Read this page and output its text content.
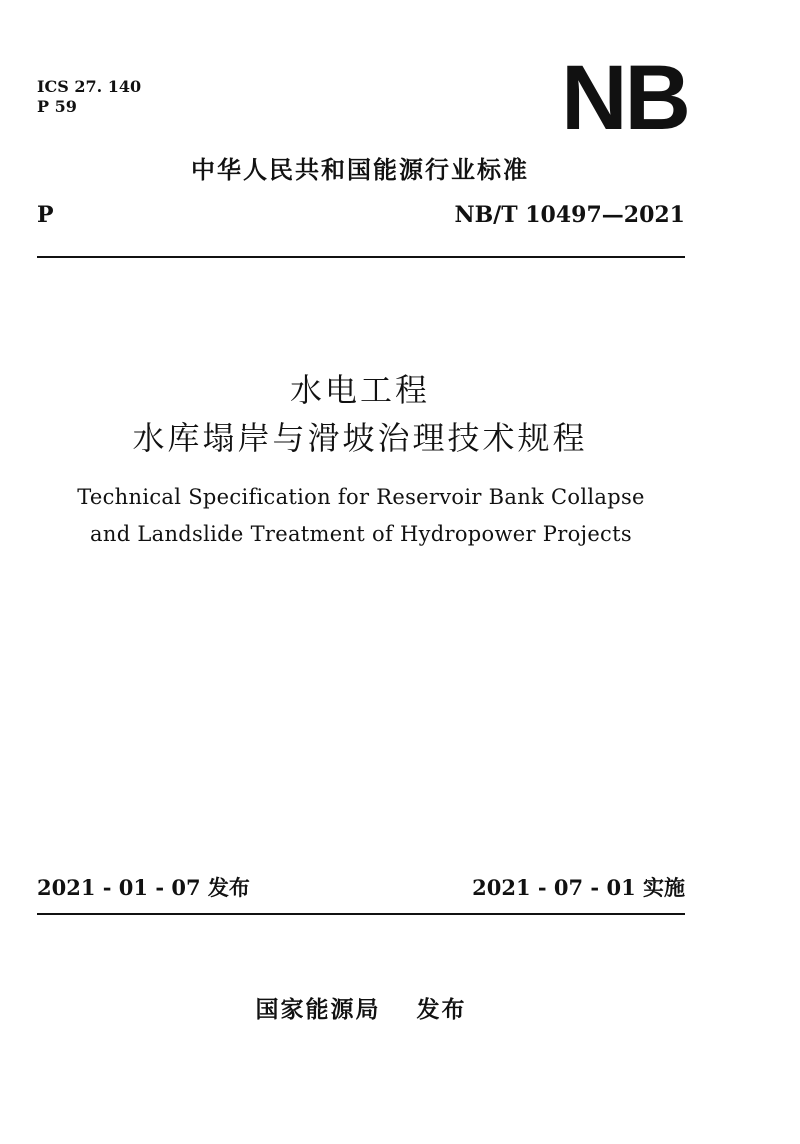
ICS 27. 140
P 59	NB
中华人民共和国能源行业标准
P	NB/T 10497—2021
水电工程
水库塌岸与滑坡治理技术规程
Technical Specification for Reservoir Bank Collapse
and Landslide Treatment of Hydropower Projects
2021 - 01 - 07 发布	2021 - 07 - 01 实施
国家能源局 发布
